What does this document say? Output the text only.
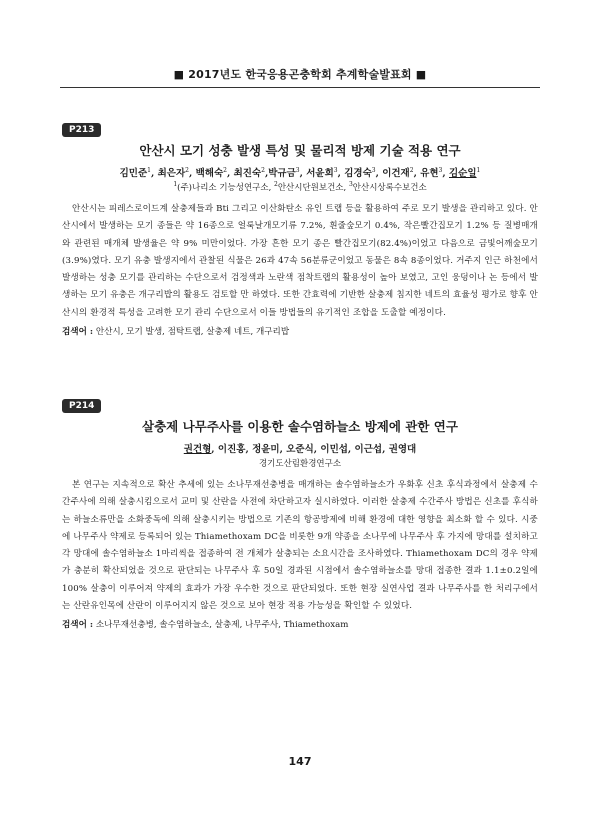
■ 2017년도 한국응용곤충학회 추계학술발표회 ■
P213
안산시 모기 성충 발생 특성 및 물리적 방제 기술 적용 연구
김민준$^1$, 최은자$^2$, 백해숙$^2$, 최진숙$^2$,박규금$^3$, 서윤희$^3$, 김경숙$^3$, 이건재$^2$, 유현$^3$, 김순일$^1$
$^1$(주)나리소 기능성연구소, $^2$안산시단원보건소, $^3$안산시상록수보건소
안산시는 피레스로이드계 살충제들과 Bti 그리고 이산화탄소 유인 트랩 등을 활용하여 주로 모기 발생을 관리하고 있다. 안산시에서 발생하는 모기 종들은 약 16종으로 얼룩날개모기류 7.2%, 흰줄숲모기 0.4%, 작은빨간집모기 1.2% 등 질병매개와 관련된 매개체 발생율은 약 9% 미만이었다. 가장 흔한 모기 종은 빨간집모기(82.4%)이었고 다음으로 금빛어깨숲모기(3.9%)였다. 모기 유충 발생지에서 관찰된 식물은 26과 47속 56분류군이었고 동물은 8속 8종이었다. 거주지 인근 하천에서 발생하는 성충 모기를 관리하는 수단으로서 검정색과 노란색 점착트랩의 활용성이 높아 보였고, 고인 웅덩이나 논 등에서 발생하는 모기 유충은 개구리밥의 활용도 검토할 만 하였다. 또한 간효력에 기반한 살충제 침지한 네트의 효율성 평가로 향후 안산시의 환경적 특성을 고려한 모기 관리 수단으로서 이들 방법들의 유기적인 조합을 도출할 예정이다.
검색어 : 안산시, 모기 발생, 점탁트랩, 살충제 네트, 개구리밥
P214
살충제 나무주사를 이용한 솔수염하늘소 방제에 관한 연구
권건형, 이진홍, 정윤미, 오준식, 이민섭, 이근섭, 권영대
경기도산림환경연구소
본 연구는 지속적으로 확산 추세에 있는 소나무재선충병을 매개하는 솔수염하늘소가 우화후 신초 후식과정에서 살충제 수간주사에 의해 살충시킴으로서 교미 및 산란을 사전에 차단하고자 실시하였다. 이러한 살충제 수간주사 방법은 신초를 후식하는 하늘소류만을 소화중독에 의해 살충시키는 방법으로 기존의 항공방제에 비해 환경에 대한 영향을 최소화 할 수 있다. 시중에 나무주사 약제로 등록되어 있는 Thiamethoxam DC을 비롯한 9개 약종을 소나무에 나무주사 후 가지에 망대를 설치하고 각 망대에 솔수염하늘소 1마리씩을 접종하여 전 개체가 살충되는 소요시간을 조사하였다. Thiamethoxam DC의 경우 약제가 충분히 확산되었을 것으로 판단되는 나무주사 후 50일 경과된 시점에서 솔수염하늘소를 망대 접종한 결과 1.1±0.2일에 100% 살충이 이루어져 약제의 효과가 가장 우수한 것으로 판단되었다. 또한 현장 실연사업 결과 나무주사를 한 처리구에서는 산란유인목에 산란이 이루어지지 않은 것으로 보아 현장 적용 가능성을 확인할 수 있었다.
검색어 : 소나무재선충병, 솔수염하늘소, 살충제, 나무주사, Thiamethoxam
147
